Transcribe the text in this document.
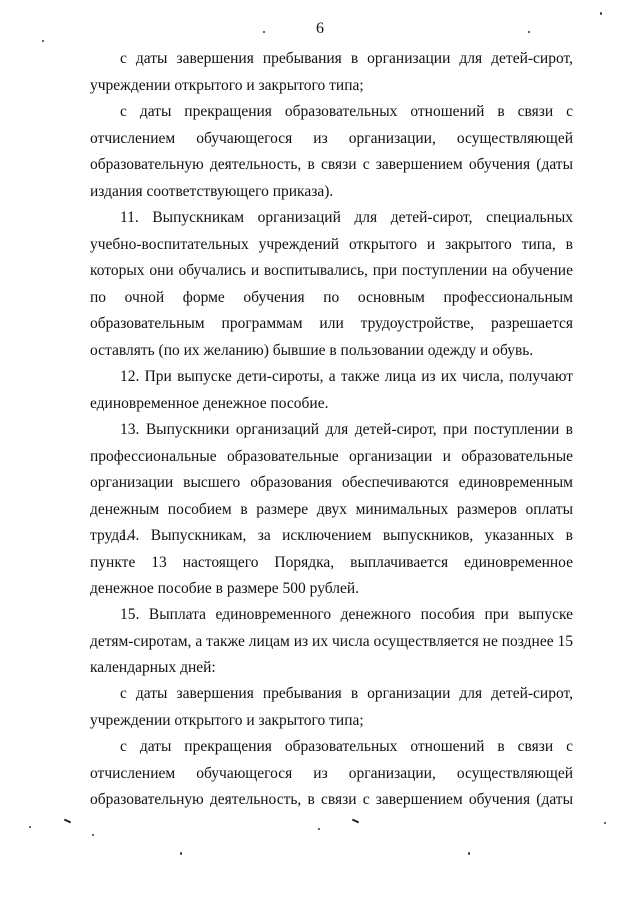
6

с даты завершения пребывания в организации для детей-сирот, учреждении открытого и закрытого типа;

с даты прекращения образовательных отношений в связи с отчислением обучающегося из организации, осуществляющей образовательную деятельность, в связи с завершением обучения (даты издания соответствующего приказа).

11. Выпускникам организаций для детей-сирот, специальных учебно-воспитательных учреждений открытого и закрытого типа, в которых они обучались и воспитывались, при поступлении на обучение по очной форме обучения по основным профессиональным образовательным программам или трудоустройстве, разрешается оставлять (по их желанию) бывшие в пользовании одежду и обувь.

12. При выпуске дети-сироты, а также лица из их числа, получают единовременное денежное пособие.

13. Выпускники организаций для детей-сирот, при поступлении в профессиональные образовательные организации и образовательные организации высшего образования обеспечиваются единовременным денежным пособием в размере двух минимальных размеров оплаты труда.

14. Выпускникам, за исключением выпускников, указанных в пункте 13 настоящего Порядка, выплачивается единовременное денежное пособие в размере 500 рублей.

15. Выплата единовременного денежного пособия при выпуске детям-сиротам, а также лицам из их числа осуществляется не позднее 15 календарных дней:

с даты завершения пребывания в организации для детей-сирот, учреждении открытого и закрытого типа;

с даты прекращения образовательных отношений в связи с отчислением обучающегося из организации, осуществляющей образовательную деятельность, в связи с завершением обучения (даты
